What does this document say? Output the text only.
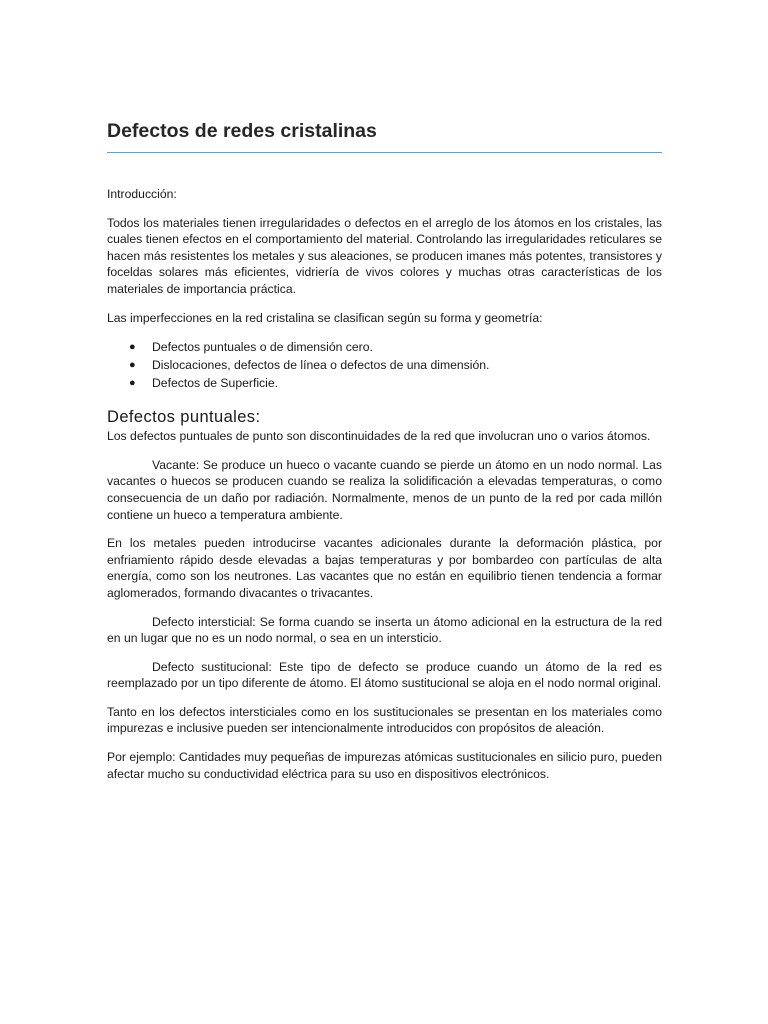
Defectos de redes cristalinas

Introducción:

Todos los materiales tienen irregularidades o defectos en el arreglo de los átomos en los cristales, las cuales tienen efectos en el comportamiento del material. Controlando las irregularidades reticulares se hacen más resistentes los metales y sus aleaciones, se producen imanes más potentes, transistores y foceldas solares más eficientes, vidriería de vivos colores y muchas otras características de los materiales de importancia práctica.

Las imperfecciones en la red cristalina se clasifican según su forma y geometría:

● Defectos puntuales o de dimensión cero.
● Dislocaciones, defectos de línea o defectos de una dimensión.
● Defectos de Superficie.
Defectos puntuales:

Los defectos puntuales de punto son discontinuidades de la red que involucran uno o varios átomos.

Vacante: Se produce un hueco o vacante cuando se pierde un átomo en un nodo normal. Las vacantes o huecos se producen cuando se realiza la solidificación a elevadas temperaturas, o como consecuencia de un daño por radiación. Normalmente, menos de un punto de la red por cada millón contiene un hueco a temperatura ambiente.

En los metales pueden introducirse vacantes adicionales durante la deformación plástica, por enfriamiento rápido desde elevadas a bajas temperaturas y por bombardeo con partículas de alta energía, como son los neutrones. Las vacantes que no están en equilibrio tienen tendencia a formar aglomerados, formando divacantes o trivacantes.

Defecto intersticial: Se forma cuando se inserta un átomo adicional en la estructura de la red en un lugar que no es un nodo normal, o sea en un intersticio.

Defecto sustitucional: Este tipo de defecto se produce cuando un átomo de la red es reemplazado por un tipo diferente de átomo. El átomo sustitucional se aloja en el nodo normal original.

Tanto en los defectos intersticiales como en los sustitucionales se presentan en los materiales como impurezas e inclusive pueden ser intencionalmente introducidos con propósitos de aleación.

Por ejemplo: Cantidades muy pequeñas de impurezas atómicas sustitucionales en silicio puro, pueden afectar mucho su conductividad eléctrica para su uso en dispositivos electrónicos.
